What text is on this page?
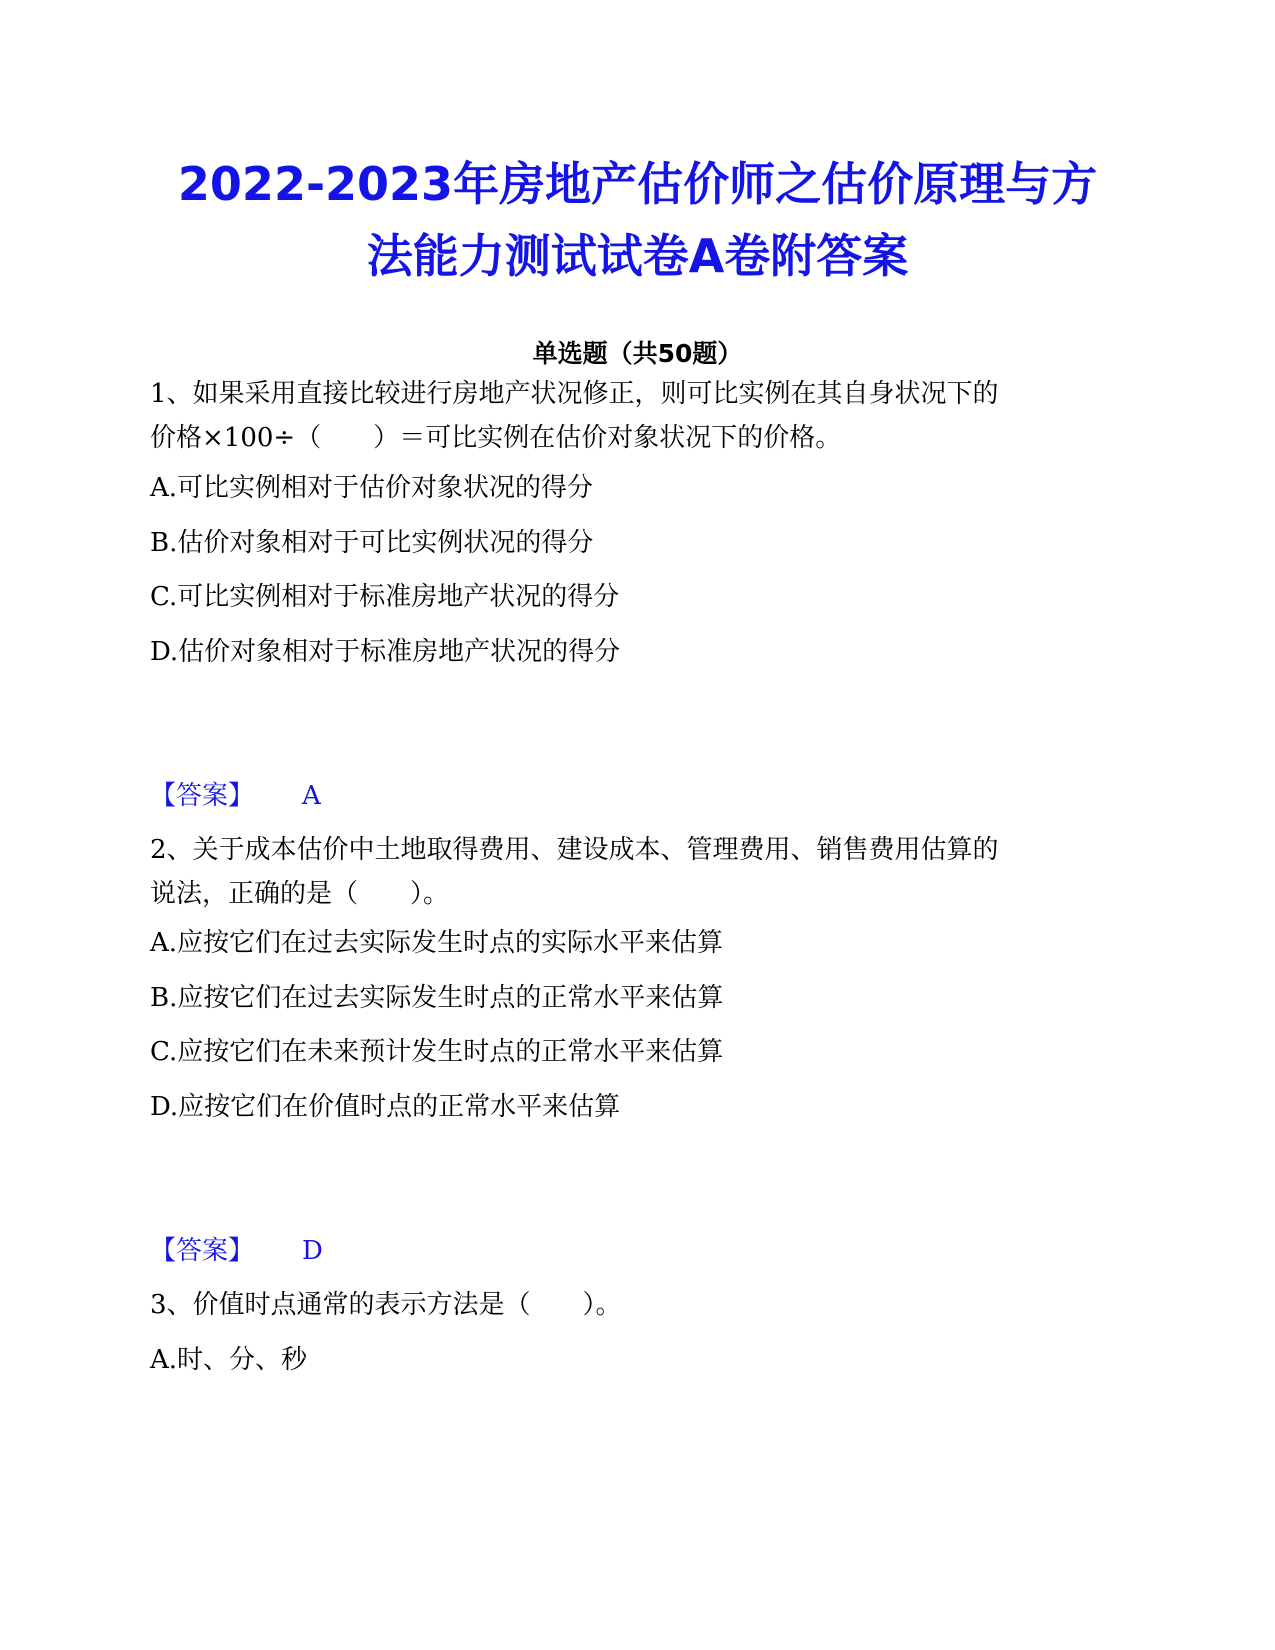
2022-2023年房地产估价师之估价原理与方
法能力测试试卷A卷附答案
单选题（共50题）

1、如果采用直接比较进行房地产状况修正，则可比实例在其自身状况下的
价格×100÷（　　）＝可比实例在估价对象状况下的价格。

A.可比实例相对于估价对象状况的得分

B.估价对象相对于可比实例状况的得分

C.可比实例相对于标准房地产状况的得分

D.估价对象相对于标准房地产状况的得分

【答案】 A

2、关于成本估价中土地取得费用、建设成本、管理费用、销售费用估算的
说法，正确的是（　　）。

A.应按它们在过去实际发生时点的实际水平来估算

B.应按它们在过去实际发生时点的正常水平来估算

C.应按它们在未来预计发生时点的正常水平来估算

D.应按它们在价值时点的正常水平来估算

【答案】 D

3、价值时点通常的表示方法是（　　）。

A.时、分、秒
